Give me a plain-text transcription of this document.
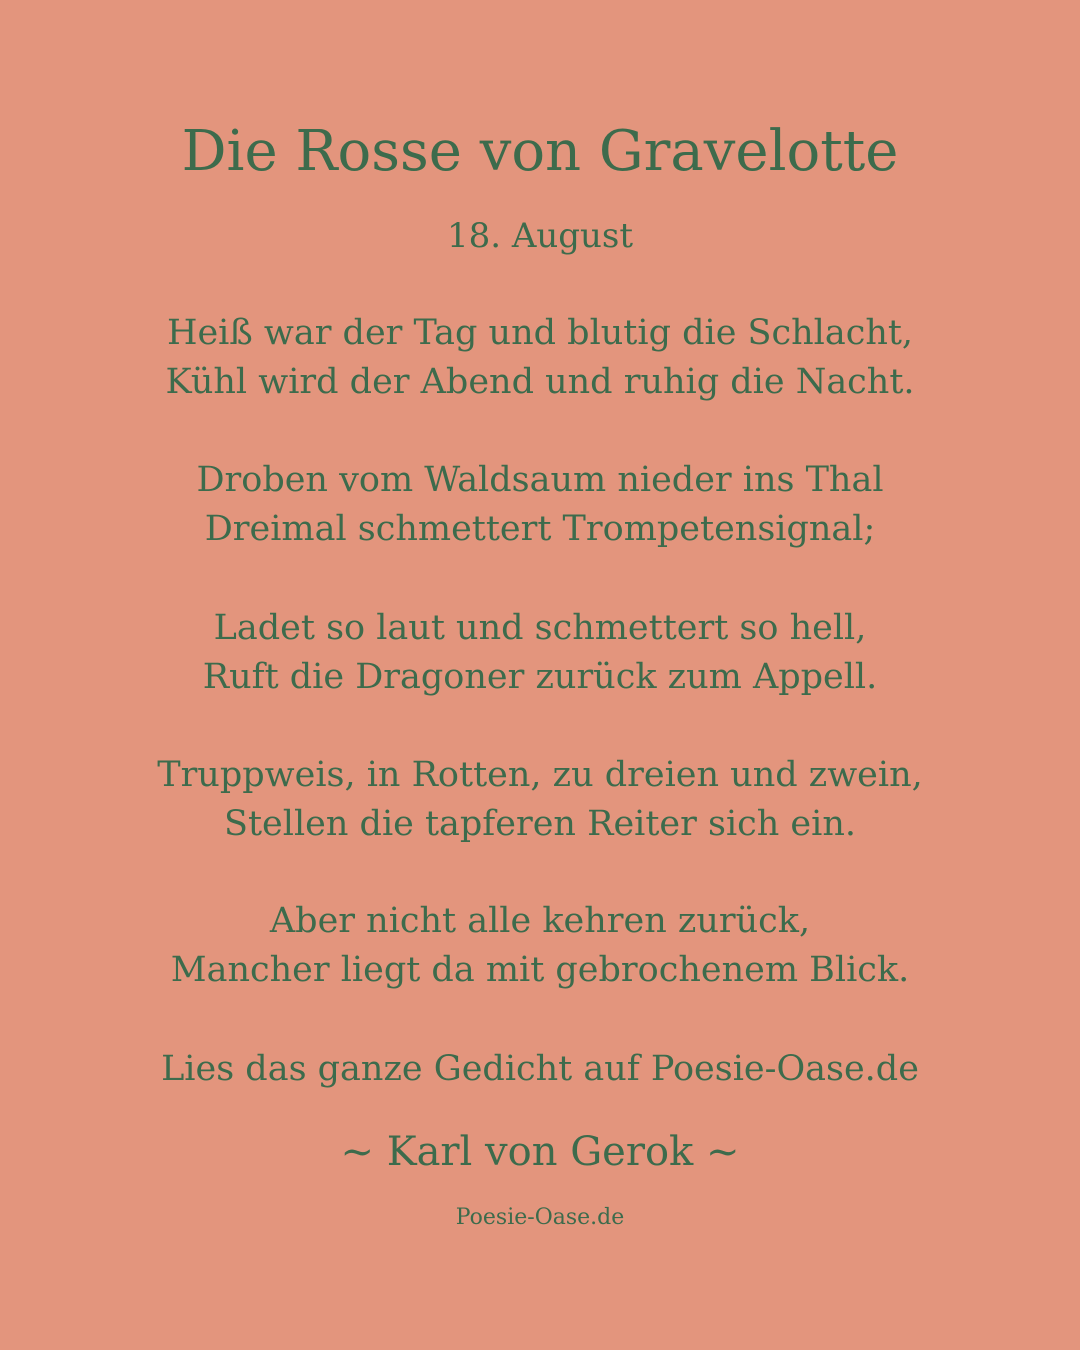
Die Rosse von Gravelotte
18. August
Heiß war der Tag und blutig die Schlacht,
Kühl wird der Abend und ruhig die Nacht.
Droben vom Waldsaum nieder ins Thal
Dreimal schmettert Trompetensignal;
Ladet so laut und schmettert so hell,
Ruft die Dragoner zurück zum Appell.
Truppweis, in Rotten, zu dreien und zwein,
Stellen die tapferen Reiter sich ein.
Aber nicht alle kehren zurück,
Mancher liegt da mit gebrochenem Blick.
Lies das ganze Gedicht auf Poesie-Oase.de
~ Karl von Gerok ~
Poesie-Oase.de
